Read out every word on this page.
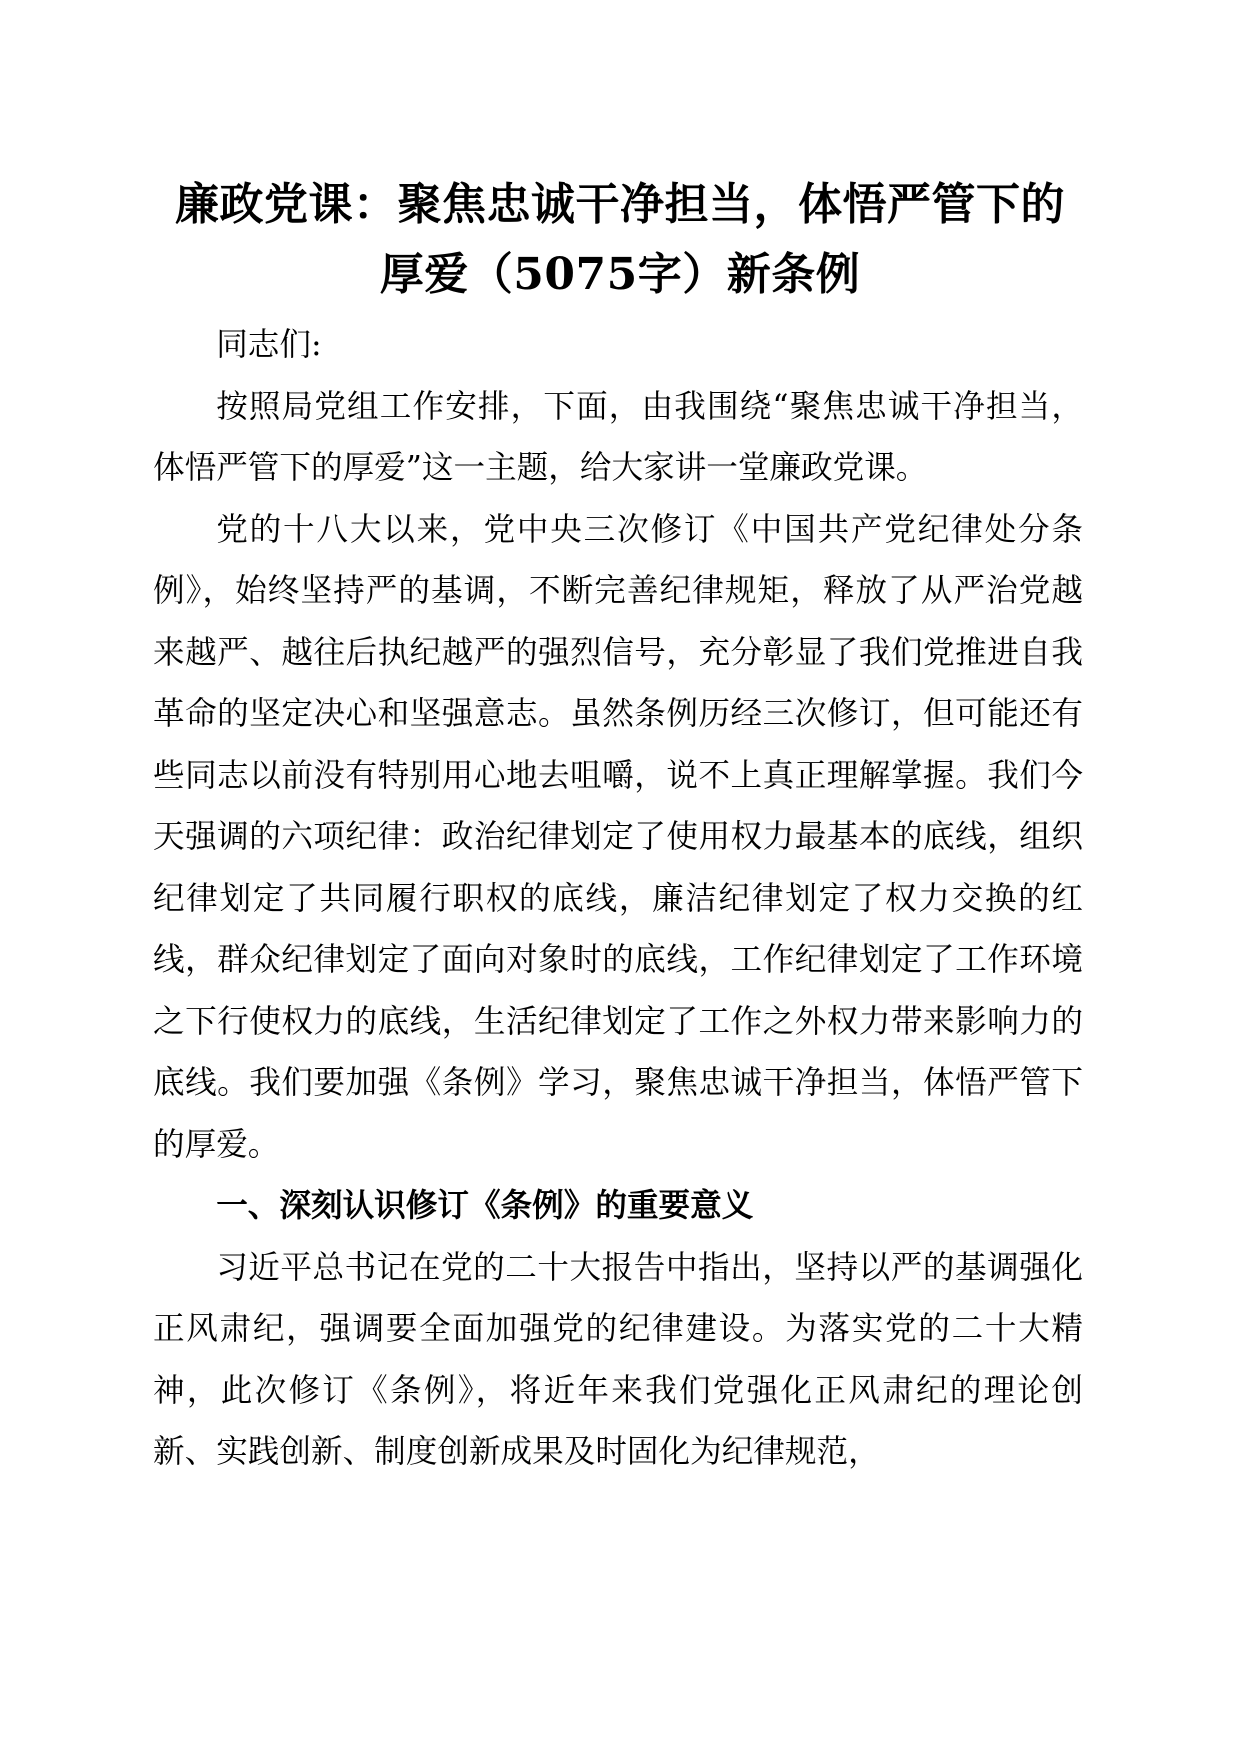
廉政党课：聚焦忠诚干净担当，体悟严管下的
厚爱（5075字）新条例

同志们:

按照局党组工作安排，下面，由我围绕“聚焦忠诚干净担当，体悟严管下的厚爱”这一主题，给大家讲一堂廉政党课。

党的十八大以来，党中央三次修订《中国共产党纪律处分条例》，始终坚持严的基调，不断完善纪律规矩，释放了从严治党越来越严、越往后执纪越严的强烈信号，充分彰显了我们党推进自我革命的坚定决心和坚强意志。虽然条例历经三次修订，但可能还有些同志以前没有特别用心地去咀嚼，说不上真正理解掌握。我们今天强调的六项纪律：政治纪律划定了使用权力最基本的底线，组织纪律划定了共同履行职权的底线，廉洁纪律划定了权力交换的红线，群众纪律划定了面向对象时的底线，工作纪律划定了工作环境之下行使权力的底线，生活纪律划定了工作之外权力带来影响力的底线。我们要加强《条例》学习，聚焦忠诚干净担当，体悟严管下的厚爱。

一、深刻认识修订《条例》的重要意义

习近平总书记在党的二十大报告中指出，坚持以严的基调强化正风肃纪，强调要全面加强党的纪律建设。为落实党的二十大精神，此次修订《条例》，将近年来我们党强化正风肃纪的理论创新、实践创新、制度创新成果及时固化为纪律规范，
